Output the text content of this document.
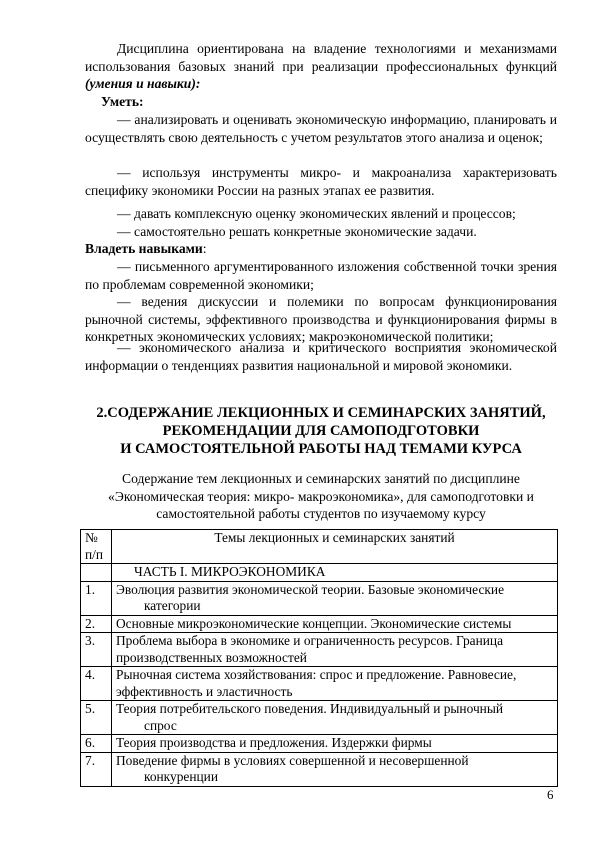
Дисциплина ориентирована на владение технологиями и механизмами использования базовых знаний при реализации профессиональных функций (умения и навыки):

Уметь:

— анализировать и оценивать экономическую информацию, планировать и осуществлять свою деятельность с учетом результатов этого анализа и оценок;

— используя инструменты микро- и макроанализа характеризовать специфику экономики России на разных этапах ее развития.

— давать комплексную оценку экономических явлений и процессов;

— самостоятельно решать конкретные экономические задачи.

Владеть навыками:

— письменного аргументированного изложения собственной точки зрения по проблемам современной экономики;

— ведения дискуссии и полемики по вопросам функционирования рыночной системы, эффективного производства и функционирования фирмы в конкретных экономических условиях; макроэкономической политики;

— экономического анализа и критического восприятия экономической информации о тенденциях развития национальной и мировой экономики.

2.СОДЕРЖАНИЕ ЛЕКЦИОННЫХ И СЕМИНАРСКИХ ЗАНЯТИЙ,
РЕКОМЕНДАЦИИ ДЛЯ САМОПОДГОТОВКИ
И САМОСТОЯТЕЛЬНОЙ РАБОТЫ НАД ТЕМАМИ КУРСА

Содержание тем лекционных и семинарских занятий по дисциплине «Экономическая теория: микро- макроэкономика», для самоподготовки и самостоятельной работы студентов по изучаемому курсу

№ п/п	Темы лекционных и семинарских занятий
	ЧАСТЬ I. МИКРОЭКОНОМИКА
1.	Эволюция развития экономической теории. Базовые экономические
категории

2.	Основные микроэкономические концепции. Экономические системы
3.	Проблема выбора в экономике и ограниченность ресурсов. Граница
производственных возможностей
4.	Рыночная система хозяйствования: спрос и предложение. Равновесие,
эффективность и эластичность
5.	Теория потребительского поведения. Индивидуальный и рыночный
спрос

6.	Теория производства и предложения. Издержки фирмы
7.	Поведение фирмы в условиях совершенной и несовершенной
конкуренции
6
